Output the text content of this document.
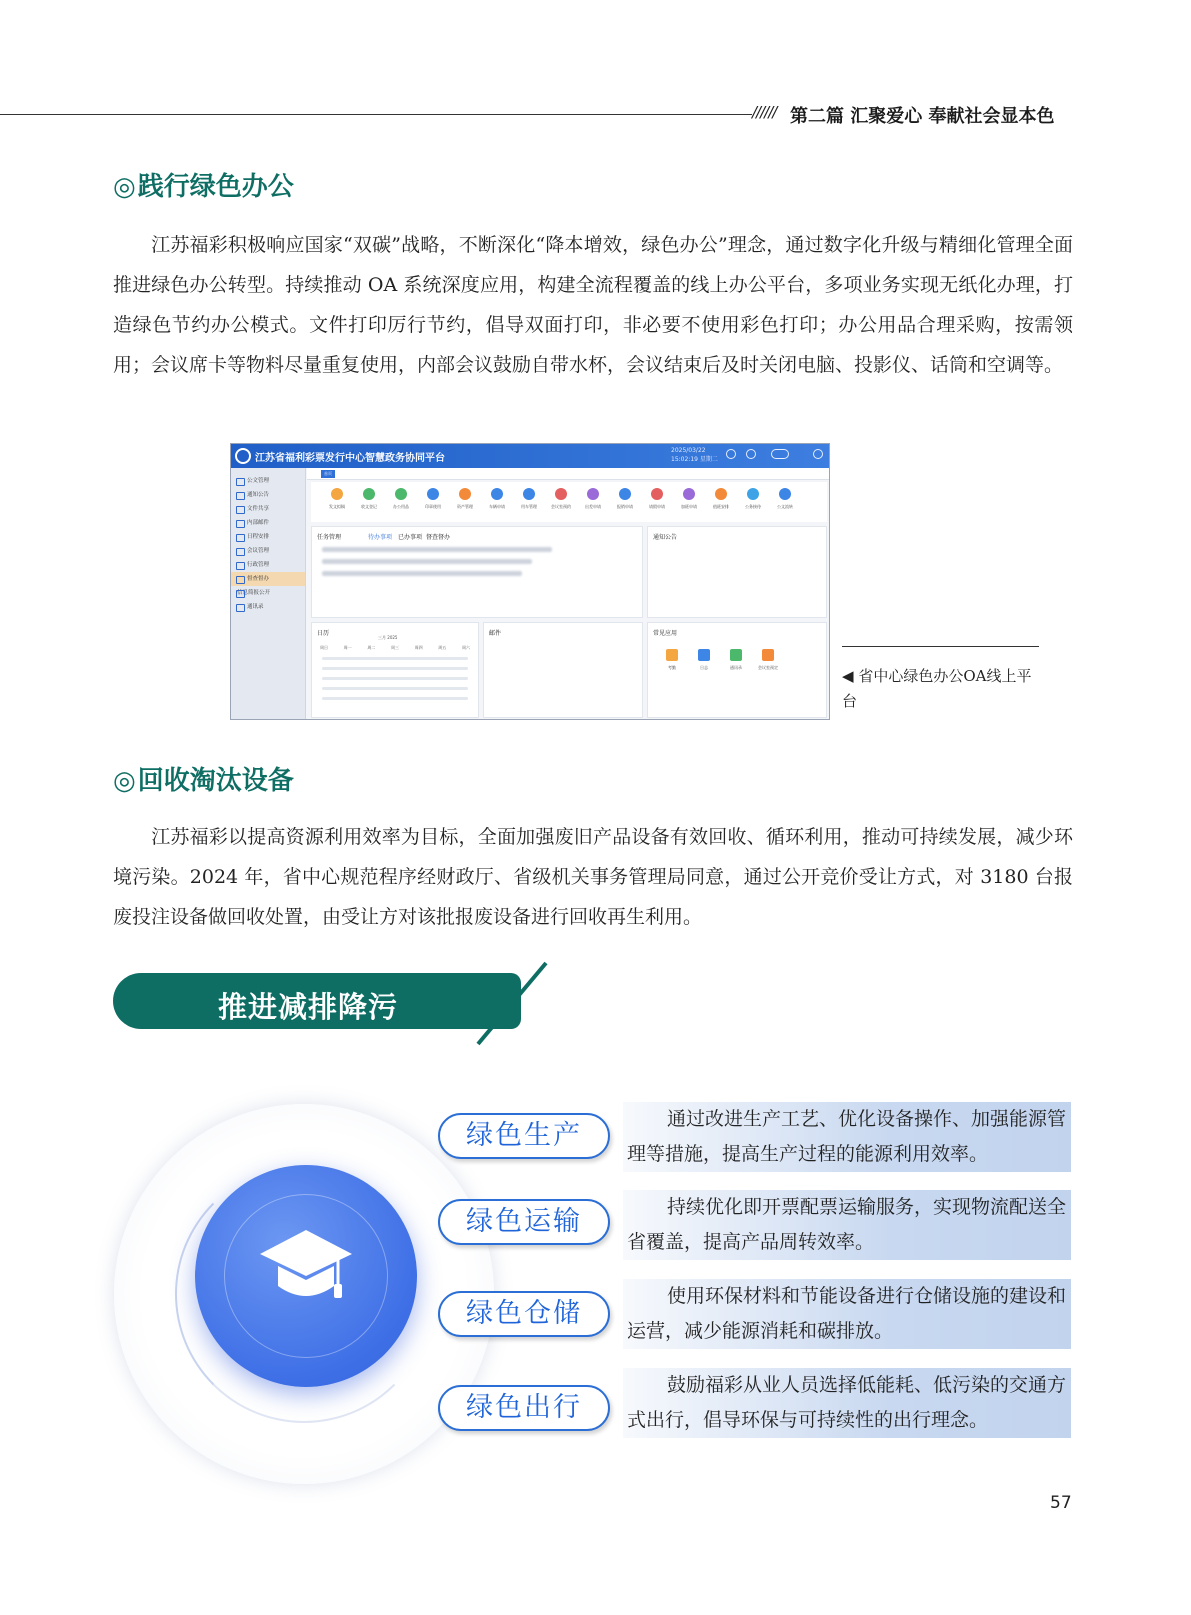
////// 第二篇 汇聚爱心 奉献社会显本色
◎践行绿色办公
江苏福彩积极响应国家“双碳”战略，不断深化“降本增效，绿色办公”理念，通过数字化升级与精细化管理全面推进绿色办公转型。持续推动 OA 系统深度应用，构建全流程覆盖的线上办公平台，多项业务实现无纸化办理，打造绿色节约办公模式。文件打印厉行节约，倡导双面打印，非必要不使用彩色打印；办公用品合理采购，按需领用；会议席卡等物料尽量重复使用，内部会议鼓励自带水杯，会议结束后及时关闭电脑、投影仪、话筒和空调等。
江苏省福利彩票发行中心智慧政务协同平台
2025/03/22
15:02:19 星期二
公文管理
通知公告
文件共享
内部邮件
日程安排
会议管理
行政管理
督查督办
信息简报公开
通讯录
首页
发文拟稿	收文登记	办公用品	印章使用	资产管理	车辆申请	用车管理	会议室预约	出差申请	报销申请	请假申请	加班申请	值班安排	公务接待	公文流转
任务管理	待办事项 已办事项 督查督办	通知公告
日历
三月 2025
周日	周一	周二	周三	周四	周五	周六
邮件	常见应用
考勤	日志	通讯录	会议室预定	◀ 省中心绿色办公OA线上平台
◎回收淘汰设备
江苏福彩以提高资源利用效率为目标，全面加强废旧产品设备有效回收、循环利用，推动可持续发展，减少环境污染。2024 年，省中心规范程序经财政厅、省级机关事务管理局同意，通过公开竞价受让方式，对 3180 台报废投注设备做回收处置，由受让方对该批报废设备进行回收再生利用。
推进减排降污
绿色生产
通过改进生产工艺、优化设备操作、加强能源管理等措施，提高生产过程的能源利用效率。
绿色运输	持续优化即开票配票运输服务，实现物流配送全省覆盖，提高产品周转效率。
绿色仓储
使用环保材料和节能设备进行仓储设施的建设和运营，减少能源消耗和碳排放。
绿色出行
鼓励福彩从业人员选择低能耗、低污染的交通方式出行，倡导环保与可持续性的出行理念。
57
